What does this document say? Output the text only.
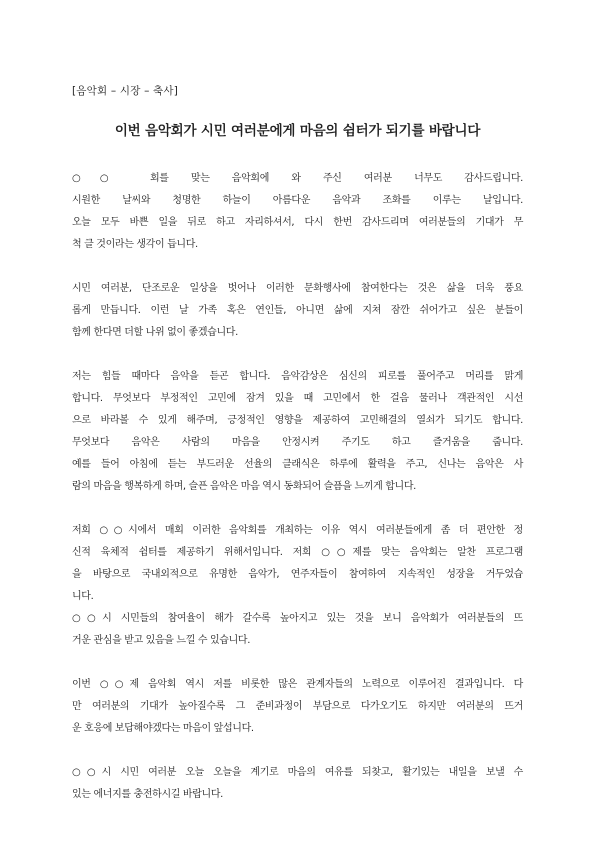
[음악회 – 시장 – 축사]
이번 음악회가 시민 여러분에게 마음의 쉼터가 되기를 바랍니다
○○ 회를 맞는 음악회에 와 주신 여러분 너무도 감사드립니다.
시원한 날씨와 청명한 하늘이 아름다운 음악과 조화를 이루는 날입니다.
오늘 모두 바쁜 일을 뒤로 하고 자리하셔서, 다시 한번 감사드리며 여러분들의 기대가 무
척 클 것이라는 생각이 듭니다.
시민 여러분, 단조로운 일상을 벗어나 이러한 문화행사에 참여한다는 것은 삶을 더욱 풍요
롭게 만듭니다. 이런 날 가족 혹은 연인들, 아니면 삶에 지쳐 잠깐 쉬어가고 싶은 분들이
함께 한다면 더할 나위 없이 좋겠습니다.
저는 힘들 때마다 음악을 듣곤 합니다. 음악감상은 심신의 피로를 풀어주고 머리를 맑게
합니다. 무엇보다 부정적인 고민에 잠겨 있을 때 고민에서 한 걸음 물러나 객관적인 시선
으로 바라볼 수 있게 해주며, 긍정적인 영향을 제공하여 고민해결의 열쇠가 되기도 합니다.
무엇보다 음악은 사람의 마음을 안정시켜 주기도 하고 즐거움을 줍니다.
예를 들어 아침에 듣는 부드러운 선율의 클래식은 하루에 활력을 주고, 신나는 음악은 사
람의 마음을 행복하게 하며, 슬픈 음악은 마음 역시 동화되어 슬픔을 느끼게 합니다.
저희 ○○시에서 매회 이러한 음악회를 개최하는 이유 역시 여러분들에게 좀 더 편안한 정
신적 육체적 쉼터를 제공하기 위해서입니다. 저희 ○○제를 맞는 음악회는 알찬 프로그램
을 바탕으로 국내외적으로 유명한 음악가, 연주자들이 참여하여 지속적인 성장을 거두었습
니다.
○○시 시민들의 참여율이 해가 갈수록 높아지고 있는 것을 보니 음악회가 여러분들의 뜨
거운 관심을 받고 있음을 느낄 수 있습니다.
이번 ○○제 음악회 역시 저를 비롯한 많은 관계자들의 노력으로 이루어진 결과입니다. 다
만 여러분의 기대가 높아질수록 그 준비과정이 부담으로 다가오기도 하지만 여러분의 뜨거
운 호응에 보답해야겠다는 마음이 앞섭니다.
○○시 시민 여러분 오늘 오늘을 계기로 마음의 여유를 되찾고, 활기있는 내일을 보낼 수
있는 에너지를 충전하시길 바랍니다.
